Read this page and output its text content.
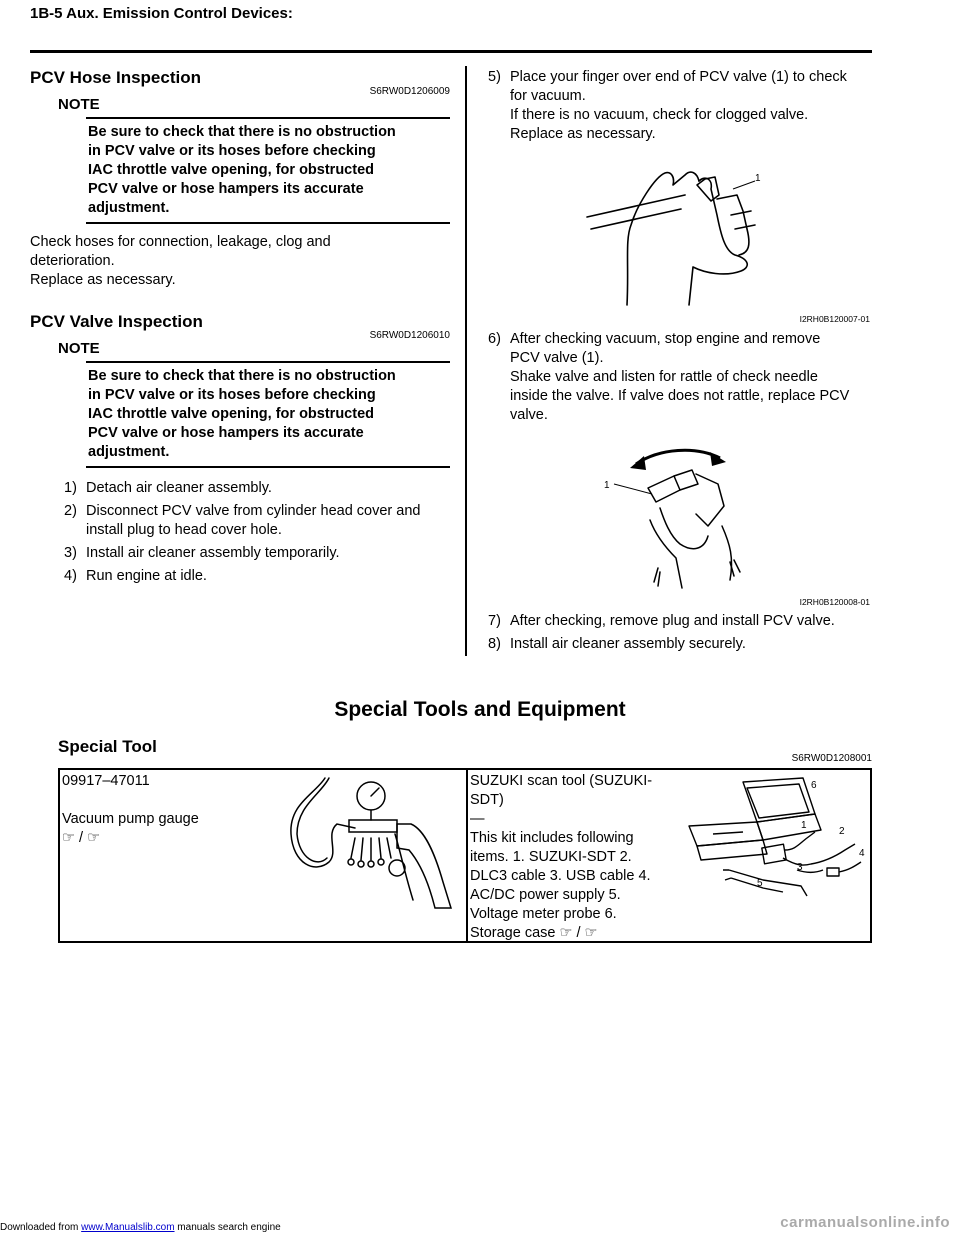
1B-5 Aux. Emission Control Devices:
PCV Hose Inspection
S6RW0D1206009
NOTE
Be sure to check that there is no obstruction
in PCV valve or its hoses before checking
IAC throttle valve opening, for obstructed
PCV valve or hose hampers its accurate
adjustment.
Check hoses for connection, leakage, clog and
deterioration.
Replace as necessary.
PCV Valve Inspection
S6RW0D1206010
NOTE
Be sure to check that there is no obstruction
in PCV valve or its hoses before checking
IAC throttle valve opening, for obstructed
PCV valve or hose hampers its accurate
adjustment.
1) Detach air cleaner assembly.
2) Disconnect PCV valve from cylinder head cover and
install plug to head cover hole.
3) Install air cleaner assembly temporarily.
4) Run engine at idle.
5) Place your finger over end of PCV valve (1) to check
for vacuum.
If there is no vacuum, check for clogged valve.
Replace as necessary.
1
I2RH0B120007-01
6) After checking vacuum, stop engine and remove
PCV valve (1).
Shake valve and listen for rattle of check needle
inside the valve. If valve does not rattle, replace PCV
valve.
1
I2RH0B120008-01
7) After checking, remove plug and install PCV valve.
8) Install air cleaner assembly securely.
Special Tools and Equipment
Special Tool
S6RW0D1208001
09917–47011
Vacuum pump gauge
☞ / ☞

SUZUKI scan tool (SUZUKI-
SDT)
—
This kit includes following
items. 1. SUZUKI-SDT 2.
DLC3 cable 3. USB cable 4.
AC/DC power supply 5.
Voltage meter probe 6.
Storage case ☞ / ☞
6
1
2
3
4
5
Downloaded from www.Manualslib.com manuals search engine	carmanualsonline.info
